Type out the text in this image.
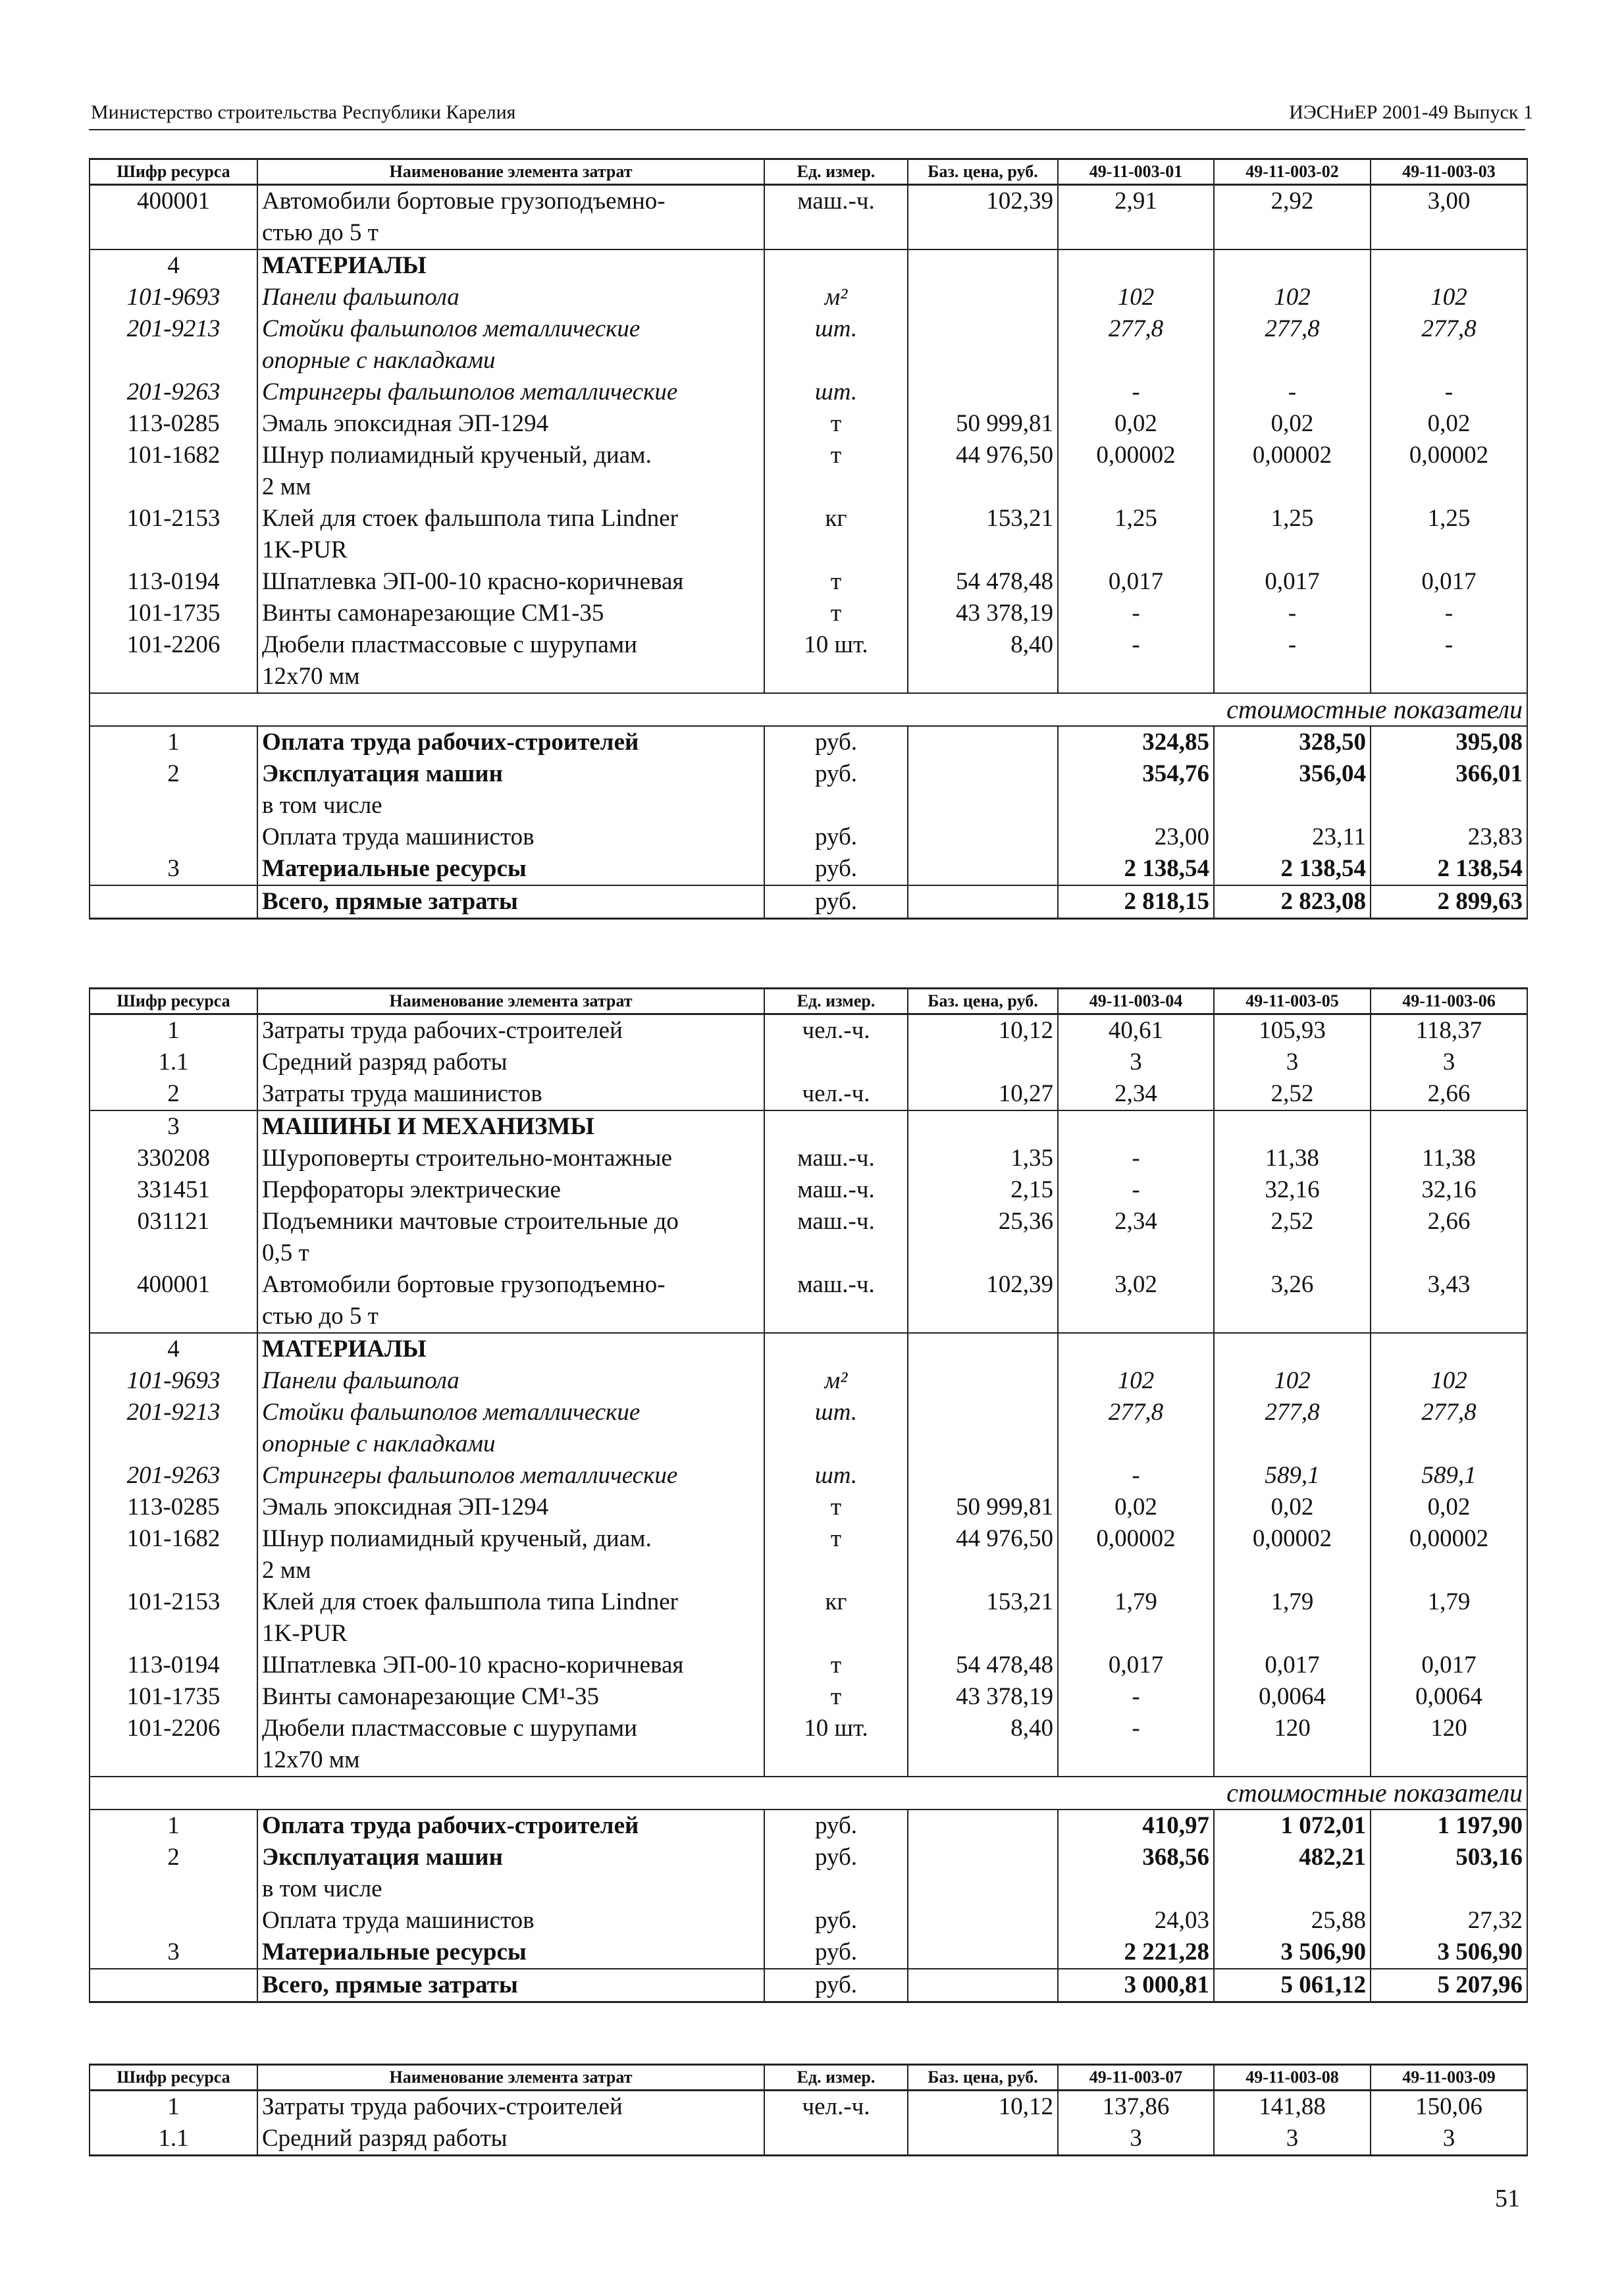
Министерство строительства Республики Карелия	ИЭСНиЕР 2001-49 Выпуск 1
Шифр ресурса	Наименование элемента затрат	Ед. измер.	Баз. цена, руб.	49-11-003-01	49-11-003-02	49-11-003-03
400001	Автомобили бортовые грузоподъемно-	маш.-ч.	102,39	2,91	2,92	3,00
	стью до 5 т					
4	МАТЕРИАЛЫ					
101-9693	Панели фальшпола	м²		102	102	102
201-9213	Стойки фальшполов металлические	шт.		277,8	277,8	277,8
	опорные с накладками					
201-9263	Стрингеры фальшполов металлические	шт.		-	-	-
113-0285	Эмаль эпоксидная ЭП-1294	т	50 999,81	0,02	0,02	0,02
101-1682	Шнур полиамидный крученый, диам.	т	44 976,50	0,00002	0,00002	0,00002
	2 мм					
101-2153	Клей для стоек фальшпола типа Lindner	кг	153,21	1,25	1,25	1,25
	1K-PUR					
113-0194	Шпатлевка ЭП-00-10 красно-коричневая	т	54 478,48	0,017	0,017	0,017
101-1735	Винты самонарезающие СМ1-35	т	43 378,19	-	-	-
101-2206	Дюбели пластмассовые с шурупами	10 шт.	8,40	-	-	-
	12х70 мм					
	стоимостные показатели					
1	Оплата труда рабочих-строителей	руб.		324,85	328,50	395,08
2	Эксплуатация машин	руб.		354,76	356,04	366,01
	в том числе					
	Оплата труда машинистов	руб.		23,00	23,11	23,83
3	Материальные ресурсы	руб.		2 138,54	2 138,54	2 138,54
	Всего, прямые затраты	руб.		2 818,15	2 823,08	2 899,63
Шифр ресурса	Наименование элемента затрат	Ед. измер.	Баз. цена, руб.	49-11-003-04	49-11-003-05	49-11-003-06
1	Затраты труда рабочих-строителей	чел.-ч.	10,12	40,61	105,93	118,37
1.1	Средний разряд работы			3	3	3
2	Затраты труда машинистов	чел.-ч.	10,27	2,34	2,52	2,66
3	МАШИНЫ И МЕХАНИЗМЫ					
330208	Шуроповерты строительно-монтажные	маш.-ч.	1,35	-	11,38	11,38
331451	Перфораторы электрические	маш.-ч.	2,15	-	32,16	32,16
031121	Подъемники мачтовые строительные до	маш.-ч.	25,36	2,34	2,52	2,66
	0,5 т					
400001	Автомобили бортовые грузоподъемно-	маш.-ч.	102,39	3,02	3,26	3,43
	стью до 5 т					
4	МАТЕРИАЛЫ					
101-9693	Панели фальшпола	м²		102	102	102
201-9213	Стойки фальшполов металлические	шт.		277,8	277,8	277,8
	опорные с накладками					
201-9263	Стрингеры фальшполов металлические	шт.		-	589,1	589,1
113-0285	Эмаль эпоксидная ЭП-1294	т	50 999,81	0,02	0,02	0,02
101-1682	Шнур полиамидный крученый, диам.	т	44 976,50	0,00002	0,00002	0,00002
	2 мм					
101-2153	Клей для стоек фальшпола типа Lindner	кг	153,21	1,79	1,79	1,79
	1K-PUR					
113-0194	Шпатлевка ЭП-00-10 красно-коричневая	т	54 478,48	0,017	0,017	0,017
101-1735	Винты самонарезающие СМ¹-35	т	43 378,19	-	0,0064	0,0064
101-2206	Дюбели пластмассовые с шурупами	10 шт.	8,40	-	120	120
	12х70 мм					
	стоимостные показатели					
1	Оплата труда рабочих-строителей	руб.		410,97	1 072,01	1 197,90
2	Эксплуатация машин	руб.		368,56	482,21	503,16
	в том числе					
	Оплата труда машинистов	руб.		24,03	25,88	27,32
3	Материальные ресурсы	руб.		2 221,28	3 506,90	3 506,90
	Всего, прямые затраты	руб.		3 000,81	5 061,12	5 207,96
Шифр ресурса	Наименование элемента затрат	Ед. измер.	Баз. цена, руб.	49-11-003-07	49-11-003-08	49-11-003-09
1	Затраты труда рабочих-строителей	чел.-ч.	10,12	137,86	141,88	150,06
1.1	Средний разряд работы			3	3	3
51
